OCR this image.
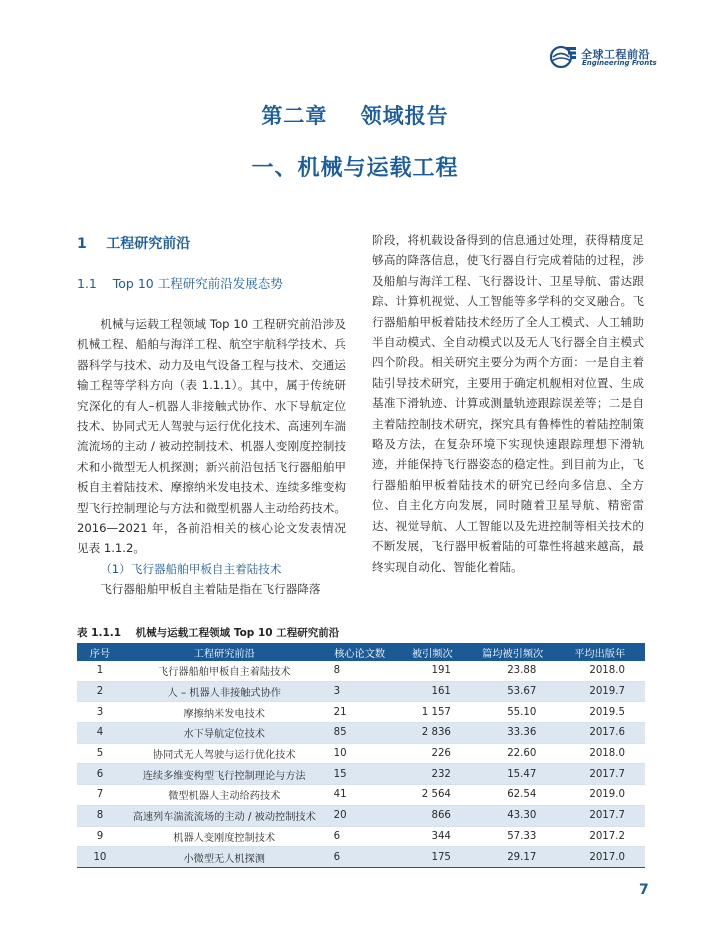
全球工程前沿
Engineering Fronts
第二章    领域报告
一、机械与运载工程
1    工程研究前沿
1.1    Top 10 工程研究前沿发展态势

机械与运载工程领域 Top 10 工程研究前沿涉及机械工程、船舶与海洋工程、航空宇航科学技术、兵器科学与技术、动力及电气设备工程与技术、交通运输工程等学科方向（表 1.1.1）。其中，属于传统研究深化的有人–机器人非接触式协作、水下导航定位技术、协同式无人驾驶与运行优化技术、高速列车湍流流场的主动 / 被动控制技术、机器人变刚度控制技术和小微型无人机探测；新兴前沿包括飞行器船舶甲板自主着陆技术、摩擦纳米发电技术、连续多维变构型飞行控制理论与方法和微型机器人主动给药技术。2016—2021 年，各前沿相关的核心论文发表情况见表 1.1.2。

（1）飞行器船舶甲板自主着陆技术

飞行器船舶甲板自主着陆是指在飞行器降落

阶段，将机载设备得到的信息通过处理，获得精度足够高的降落信息，使飞行器自行完成着陆的过程，涉及船舶与海洋工程、飞行器设计、卫星导航、雷达跟踪、计算机视觉、人工智能等多学科的交叉融合。飞行器船舶甲板着陆技术经历了全人工模式、人工辅助半自动模式、全自动模式以及无人飞行器全自主模式四个阶段。相关研究主要分为两个方面：一是自主着陆引导技术研究，主要用于确定机舰相对位置、生成基准下滑轨迹、计算或测量轨迹跟踪误差等；二是自主着陆控制技术研究，探究具有鲁棒性的着陆控制策略及方法，在复杂环境下实现快速跟踪理想下滑轨迹，并能保持飞行器姿态的稳定性。到目前为止，飞行器船舶甲板着陆技术的研究已经向多信息、全方位、自主化方向发展，同时随着卫星导航、精密雷达、视觉导航、人工智能以及先进控制等相关技术的不断发展，飞行器甲板着陆的可靠性将越来越高，最终实现自动化、智能化着陆。

表 1.1.1    机械与运载工程领域 Top 10 工程研究前沿
序号	工程研究前沿	核心论文数	被引频次	篇均被引频次	平均出版年
1	飞行器船舶甲板自主着陆技术	8	191	23.88	2018.0
2	人 – 机器人非接触式协作	3	161	53.67	2019.7
3	摩擦纳米发电技术	21	1 157	55.10	2019.5
4	水下导航定位技术	85	2 836	33.36	2017.6
5	协同式无人驾驶与运行优化技术	10	226	22.60	2018.0
6	连续多维变构型飞行控制理论与方法	15	232	15.47	2017.7
7	微型机器人主动给药技术	41	2 564	62.54	2019.0
8	高速列车湍流流场的主动 / 被动控制技术	20	866	43.30	2017.7
9	机器人变刚度控制技术	6	344	57.33	2017.2
10	小微型无人机探测	6	175	29.17	2017.0
7
